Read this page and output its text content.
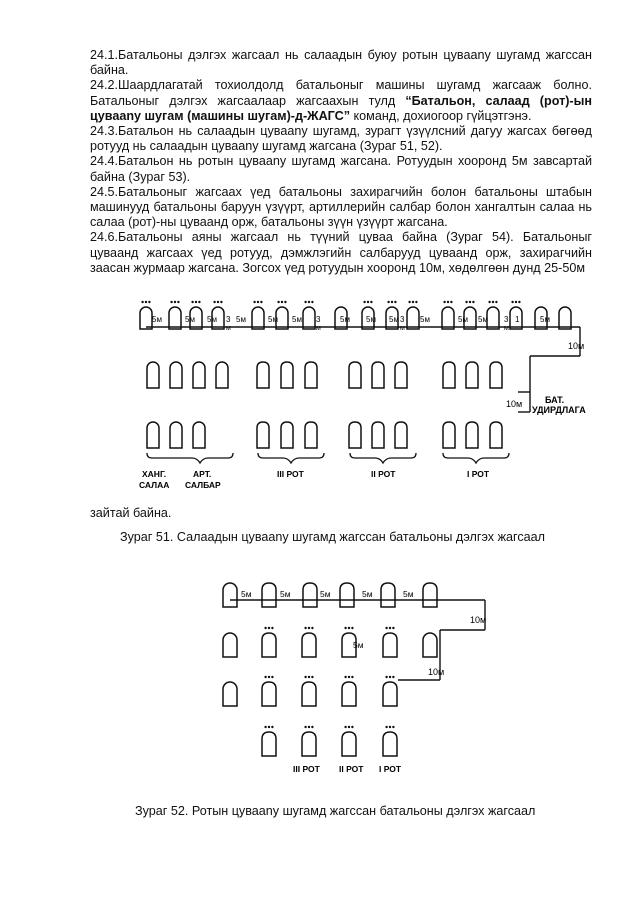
24.1.Батальоны дэлгэх жагсаал нь салаадын буюу ротын цуваany шугамд жагссан байна.

24.2.Шаардлагатай тохиолдолд батальоныг машины шугамд жагсааж болно. Батальоныг дэлгэх жагсаалаар жагсаахын тулд “Батальон, салаад (рот)-ын цуваany шугам (машины шугам)-д-ЖАГС” команд, дохиогоор гүйцэтгэнэ.

24.3.Батальон нь салаадын цуваany шугамд, зурагт үзүүлсний дагуу жагсах бөгөөд ротууд нь салаадын цуваany шугамд жагсана (Зураг 51, 52).

24.4.Батальон нь ротын цуваany шугамд жагсана. Ротуудын хооронд 5м завсартай байна (Зураг 53).

24.5.Батальоныг жагсаах үед батальоны захирагчийн болон батальоны штабын машинууд батальоны баруун үзүүрт, артиллерийн салбар болон хангалтын салаа нь салаа (рот)-ны цуваанд орж, батальоны зүүн үзүүрт жагсана.

24.6.Батальоны аяны жагсаал нь түүний цуваа байна (Зураг 54). Батальоныг цуваанд жагсаах үед ротууд, дэмжлэгийн салбарууд цуваанд орж, захирагчийн заасан журмаар жагсана. Зогсох үед ротуудын хооронд 10м, хөдөлгөөн дунд 25-50м

5м	5м 5м 3
м
5м	5м 5м 3
м
5м 5м 5м 3
м
5м	5м 5м 3
м
1	5м
10м
10м	БАТ.
УДИРДЛАГА
ХАНГ.
САЛАА
АРТ.
САЛБАР
III РОТ	II РОТ	I РОТ
зайтай байна.
Зураг 51. Салаадын цуваany шугамд жагссан батальоны дэлгэх жагсаал
5м	5м	5м	5м	5м
10м
10м
5м
III РОТ II РОТ I РОТ
Зураг 52. Ротын цуваany шугамд жагссан батальоны дэлгэх жагсаал
